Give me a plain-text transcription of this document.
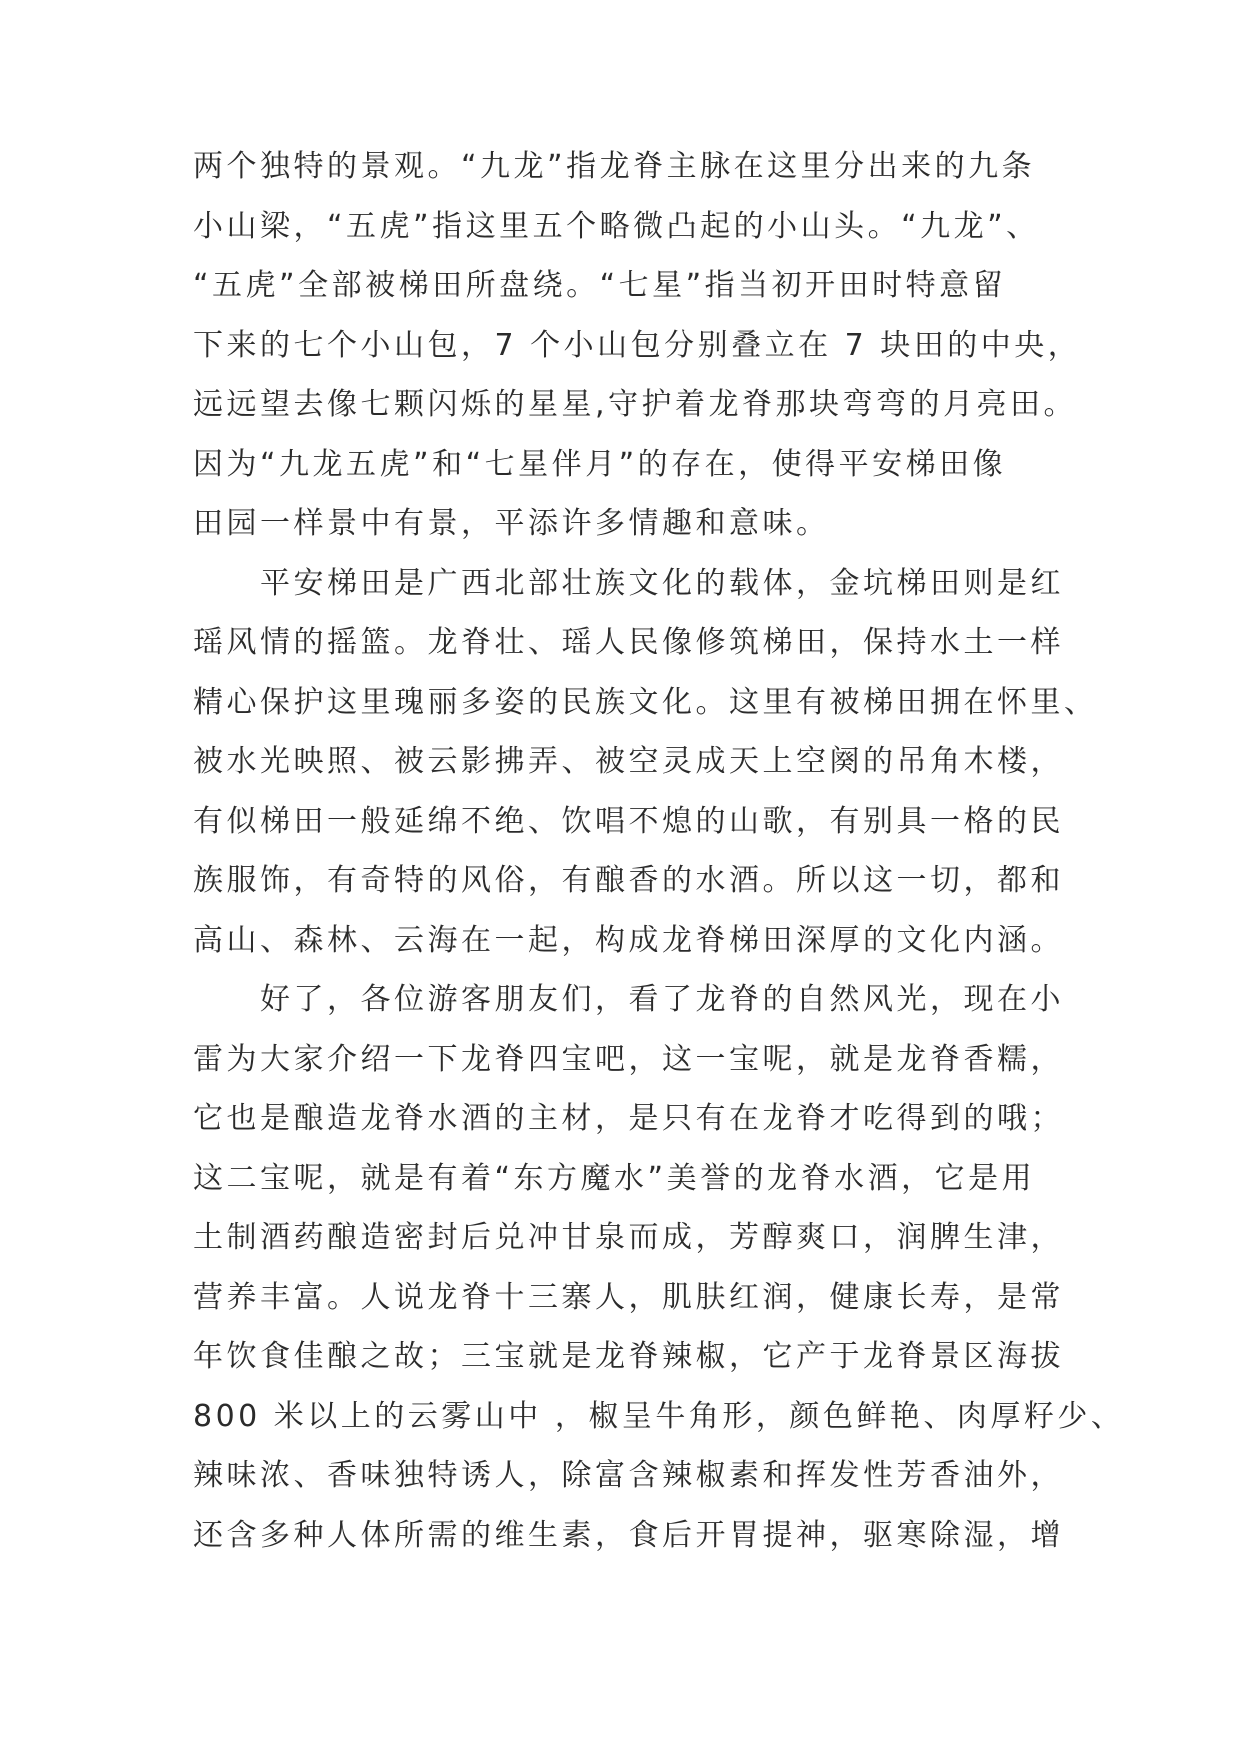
两个独特的景观。“九龙”指龙脊主脉在这里分出来的九条
小山梁，“五虎”指这里五个略微凸起的小山头。“九龙”、
“五虎”全部被梯田所盘绕。“七星”指当初开田时特意留
下来的七个小山包，7 个小山包分别叠立在 7 块田的中央，
远远望去像七颗闪烁的星星,守护着龙脊那块弯弯的月亮田。
因为“九龙五虎”和“七星伴月”的存在，使得平安梯田像
田园一样景中有景，平添许多情趣和意味。
　　平安梯田是广西北部壮族文化的载体，金坑梯田则是红
瑶风情的摇篮。龙脊壮、瑶人民像修筑梯田，保持水土一样
精心保护这里瑰丽多姿的民族文化。这里有被梯田拥在怀里、
被水光映照、被云影拂弄、被空灵成天上空阕的吊角木楼，
有似梯田一般延绵不绝、饮唱不熄的山歌，有别具一格的民
族服饰，有奇特的风俗，有酿香的水酒。所以这一切，都和
高山、森林、云海在一起，构成龙脊梯田深厚的文化内涵。
　　好了，各位游客朋友们，看了龙脊的自然风光，现在小
雷为大家介绍一下龙脊四宝吧，这一宝呢，就是龙脊香糯，
它也是酿造龙脊水酒的主材，是只有在龙脊才吃得到的哦；
这二宝呢，就是有着“东方魔水”美誉的龙脊水酒，它是用
土制酒药酿造密封后兑冲甘泉而成，芳醇爽口，润脾生津，
营养丰富。人说龙脊十三寨人，肌肤红润，健康长寿，是常
年饮食佳酿之故；三宝就是龙脊辣椒，它产于龙脊景区海拔
800 米以上的云雾山中 ，椒呈牛角形，颜色鲜艳、肉厚籽少、
辣味浓、香味独特诱人，除富含辣椒素和挥发性芳香油外，
还含多种人体所需的维生素，食后开胃提神，驱寒除湿，增
